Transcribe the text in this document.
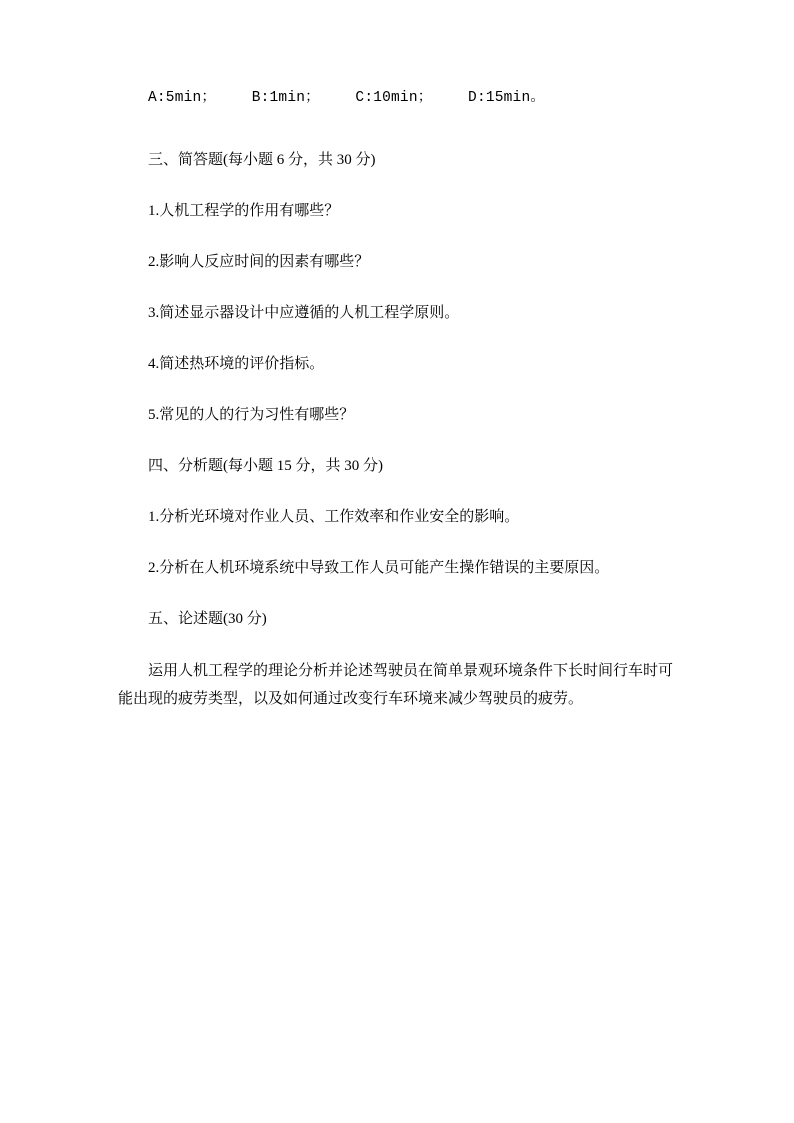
A:5min；    B:1min；    C:10min；    D:15min。
三、简答题(每小题 6 分，共 30 分)
1.人机工程学的作用有哪些？
2.影响人反应时间的因素有哪些？
3.简述显示器设计中应遵循的人机工程学原则。
4.简述热环境的评价指标。
5.常见的人的行为习性有哪些？
四、分析题(每小题 15 分，共 30 分)
1.分析光环境对作业人员、工作效率和作业安全的影响。
2.分析在人机环境系统中导致工作人员可能产生操作错误的主要原因。
五、论述题(30 分)
运用人机工程学的理论分析并论述驾驶员在简单景观环境条件下长时间行车时可能出现的疲劳类型，以及如何通过改变行车环境来减少驾驶员的疲劳。
